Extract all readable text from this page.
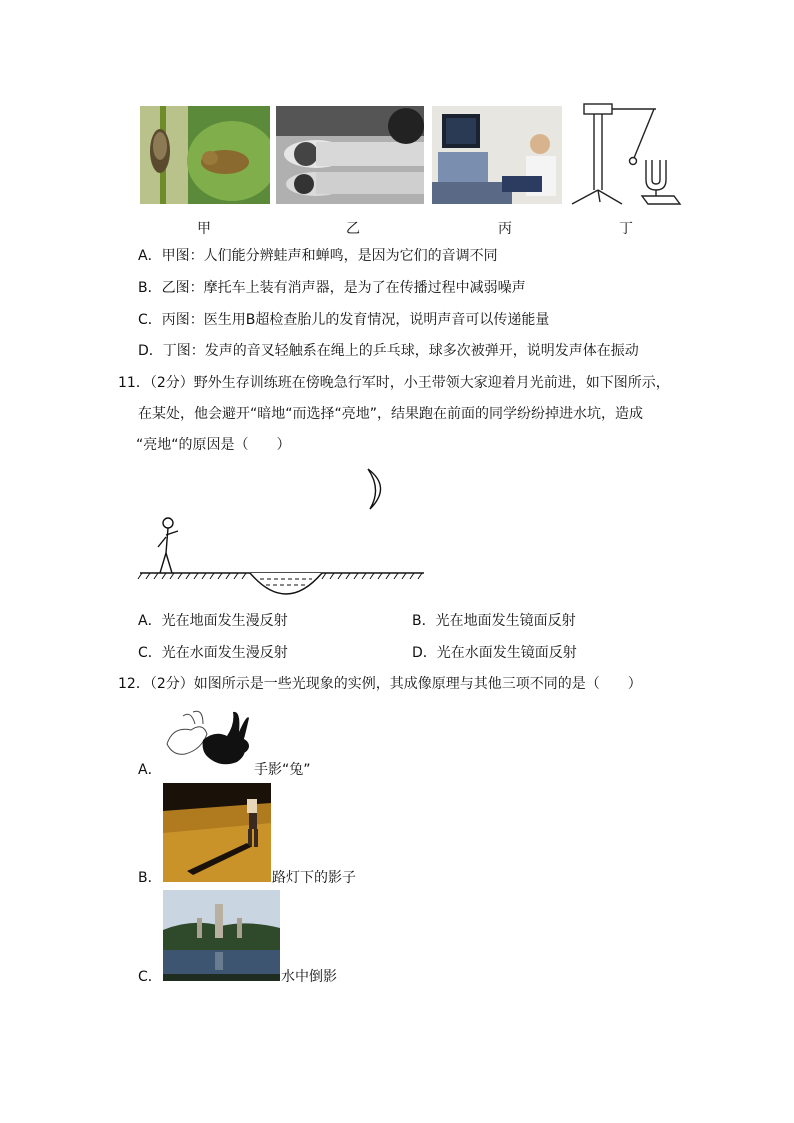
甲	乙	丙	丁
A．甲图：人们能分辨蛙声和蝉鸣，是因为它们的音调不同
B．乙图：摩托车上装有消声器，是为了在传播过程中减弱噪声
C．丙图：医生用B超检查胎儿的发育情况，说明声音可以传递能量
D．丁图：发声的音叉轻触系在绳上的乒乓球，球多次被弹开，说明发声体在振动
11．（2分）野外生存训练班在傍晚急行军时，小王带领大家迎着月光前进，如下图所示，
在某处，他会避开“暗地“而选择“亮地”，结果跑在前面的同学纷纷掉进水坑，造成
“亮地“的原因是（　　）
A．光在地面发生漫反射	B．光在地面发生镜面反射
C．光在水面发生漫反射	D．光在水面发生镜面反射
12．（2分）如图所示是一些光现象的实例，其成像原理与其他三项不同的是（　　）
A．	手影“兔”
B．	路灯下的影子
C．	水中倒影
